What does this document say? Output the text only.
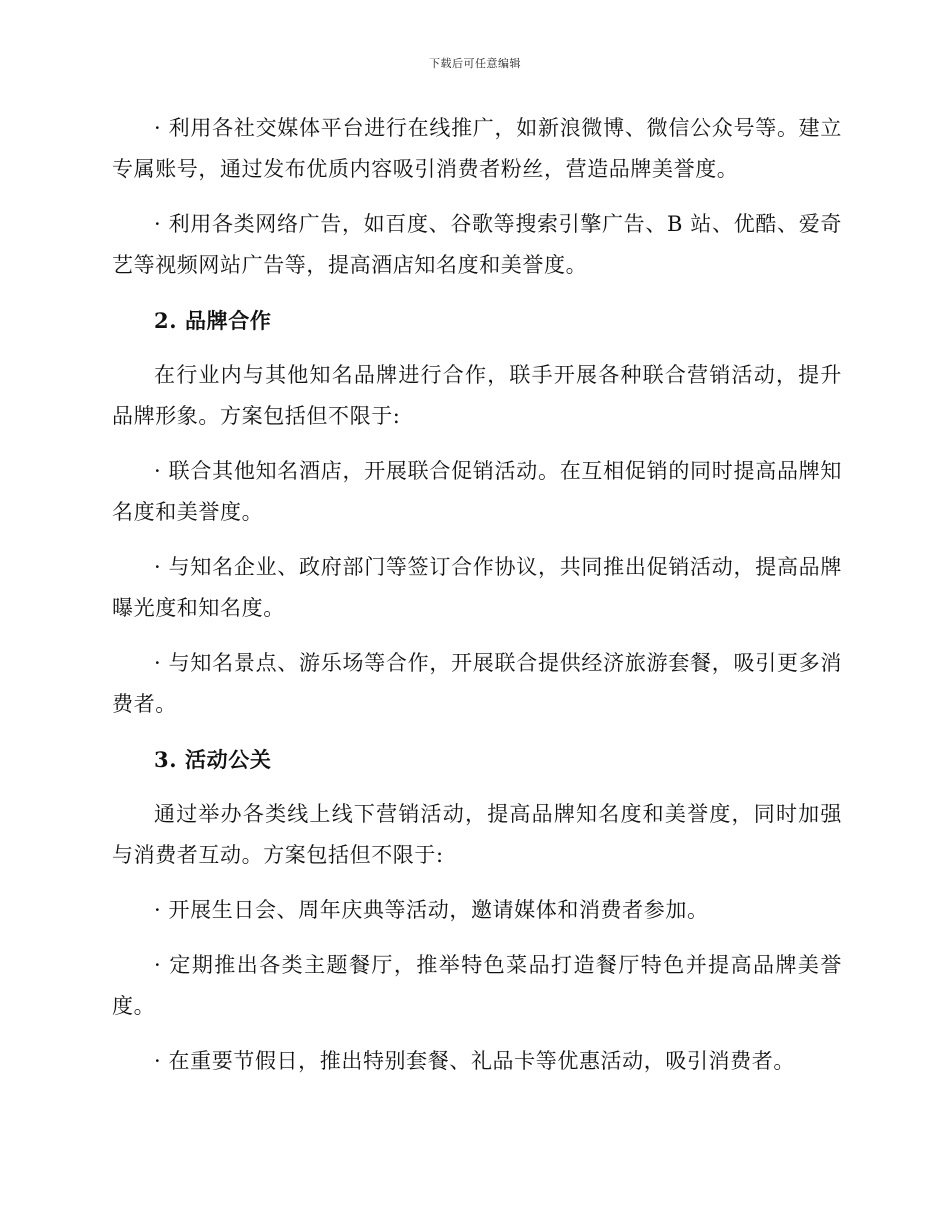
下载后可任意编辑

· 利用各社交媒体平台进行在线推广，如新浪微博、微信公众号等。建立专属账号，通过发布优质内容吸引消费者粉丝，营造品牌美誉度。

· 利用各类网络广告，如百度、谷歌等搜索引擎广告、B 站、优酷、爱奇艺等视频网站广告等，提高酒店知名度和美誉度。

2. 品牌合作

在行业内与其他知名品牌进行合作，联手开展各种联合营销活动，提升品牌形象。方案包括但不限于:

· 联合其他知名酒店，开展联合促销活动。在互相促销的同时提高品牌知名度和美誉度。

· 与知名企业、政府部门等签订合作协议，共同推出促销活动，提高品牌曝光度和知名度。

· 与知名景点、游乐场等合作，开展联合提供经济旅游套餐，吸引更多消费者。

3. 活动公关

通过举办各类线上线下营销活动，提高品牌知名度和美誉度，同时加强与消费者互动。方案包括但不限于:

· 开展生日会、周年庆典等活动，邀请媒体和消费者参加。

· 定期推出各类主题餐厅，推举特色菜品打造餐厅特色并提高品牌美誉度。

· 在重要节假日，推出特别套餐、礼品卡等优惠活动，吸引消费者。
